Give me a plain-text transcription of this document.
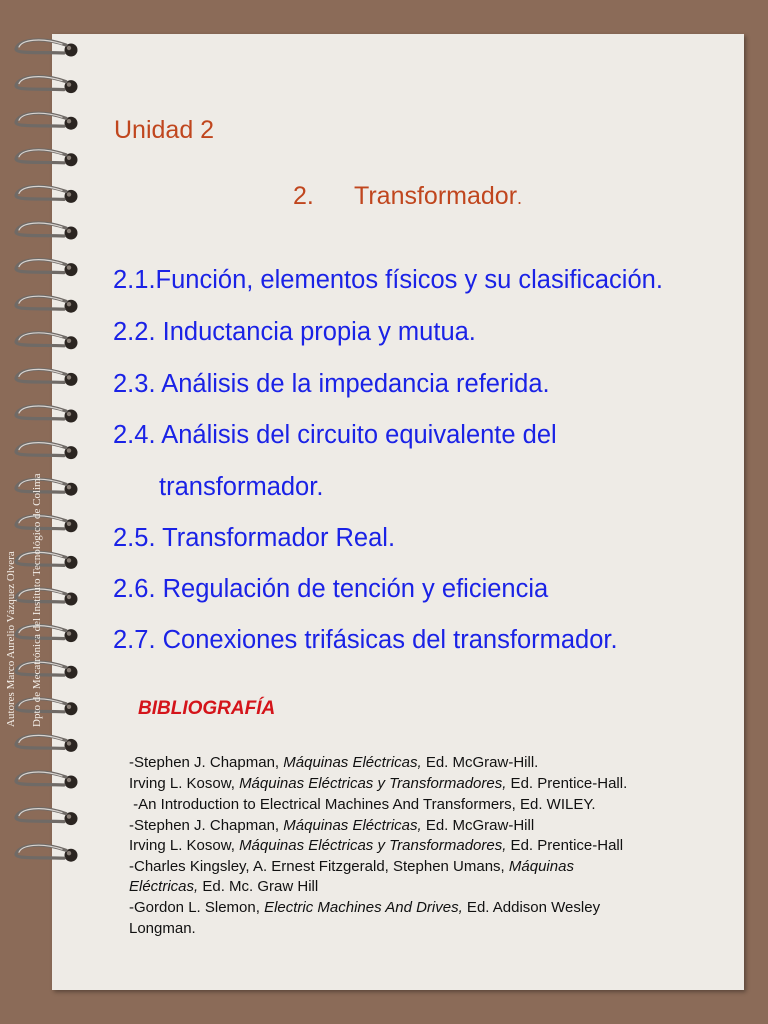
Autores Marco Aurelio Vázquez Olvera Dpto de Mecatrónica del Instituto Tecnológico de Colima
Unidad 2
2. Transformador.
2.1.Función, elementos físicos y su clasificación.
2.2. Inductancia propia y mutua.
2.3. Análisis de la impedancia referida.
2.4. Análisis del circuito equivalente del
transformador.
2.5. Transformador Real.
2.6. Regulación de tención y eficiencia
2.7. Conexiones trifásicas del transformador.
BIBLIOGRAFÍA
-Stephen J. Chapman, Máquinas Eléctricas, Ed. McGraw-Hill.
Irving L. Kosow, Máquinas Eléctricas y Transformadores, Ed. Prentice-Hall.
-An Introduction to Electrical Machines And Transformers, Ed. WILEY.
-Stephen J. Chapman, Máquinas Eléctricas, Ed. McGraw-Hill
Irving L. Kosow, Máquinas Eléctricas y Transformadores, Ed. Prentice-Hall
-Charles Kingsley, A. Ernest Fitzgerald, Stephen Umans, Máquinas
Eléctricas, Ed. Mc. Graw Hill
-Gordon L. Slemon, Electric Machines And Drives, Ed. Addison Wesley
Longman.
